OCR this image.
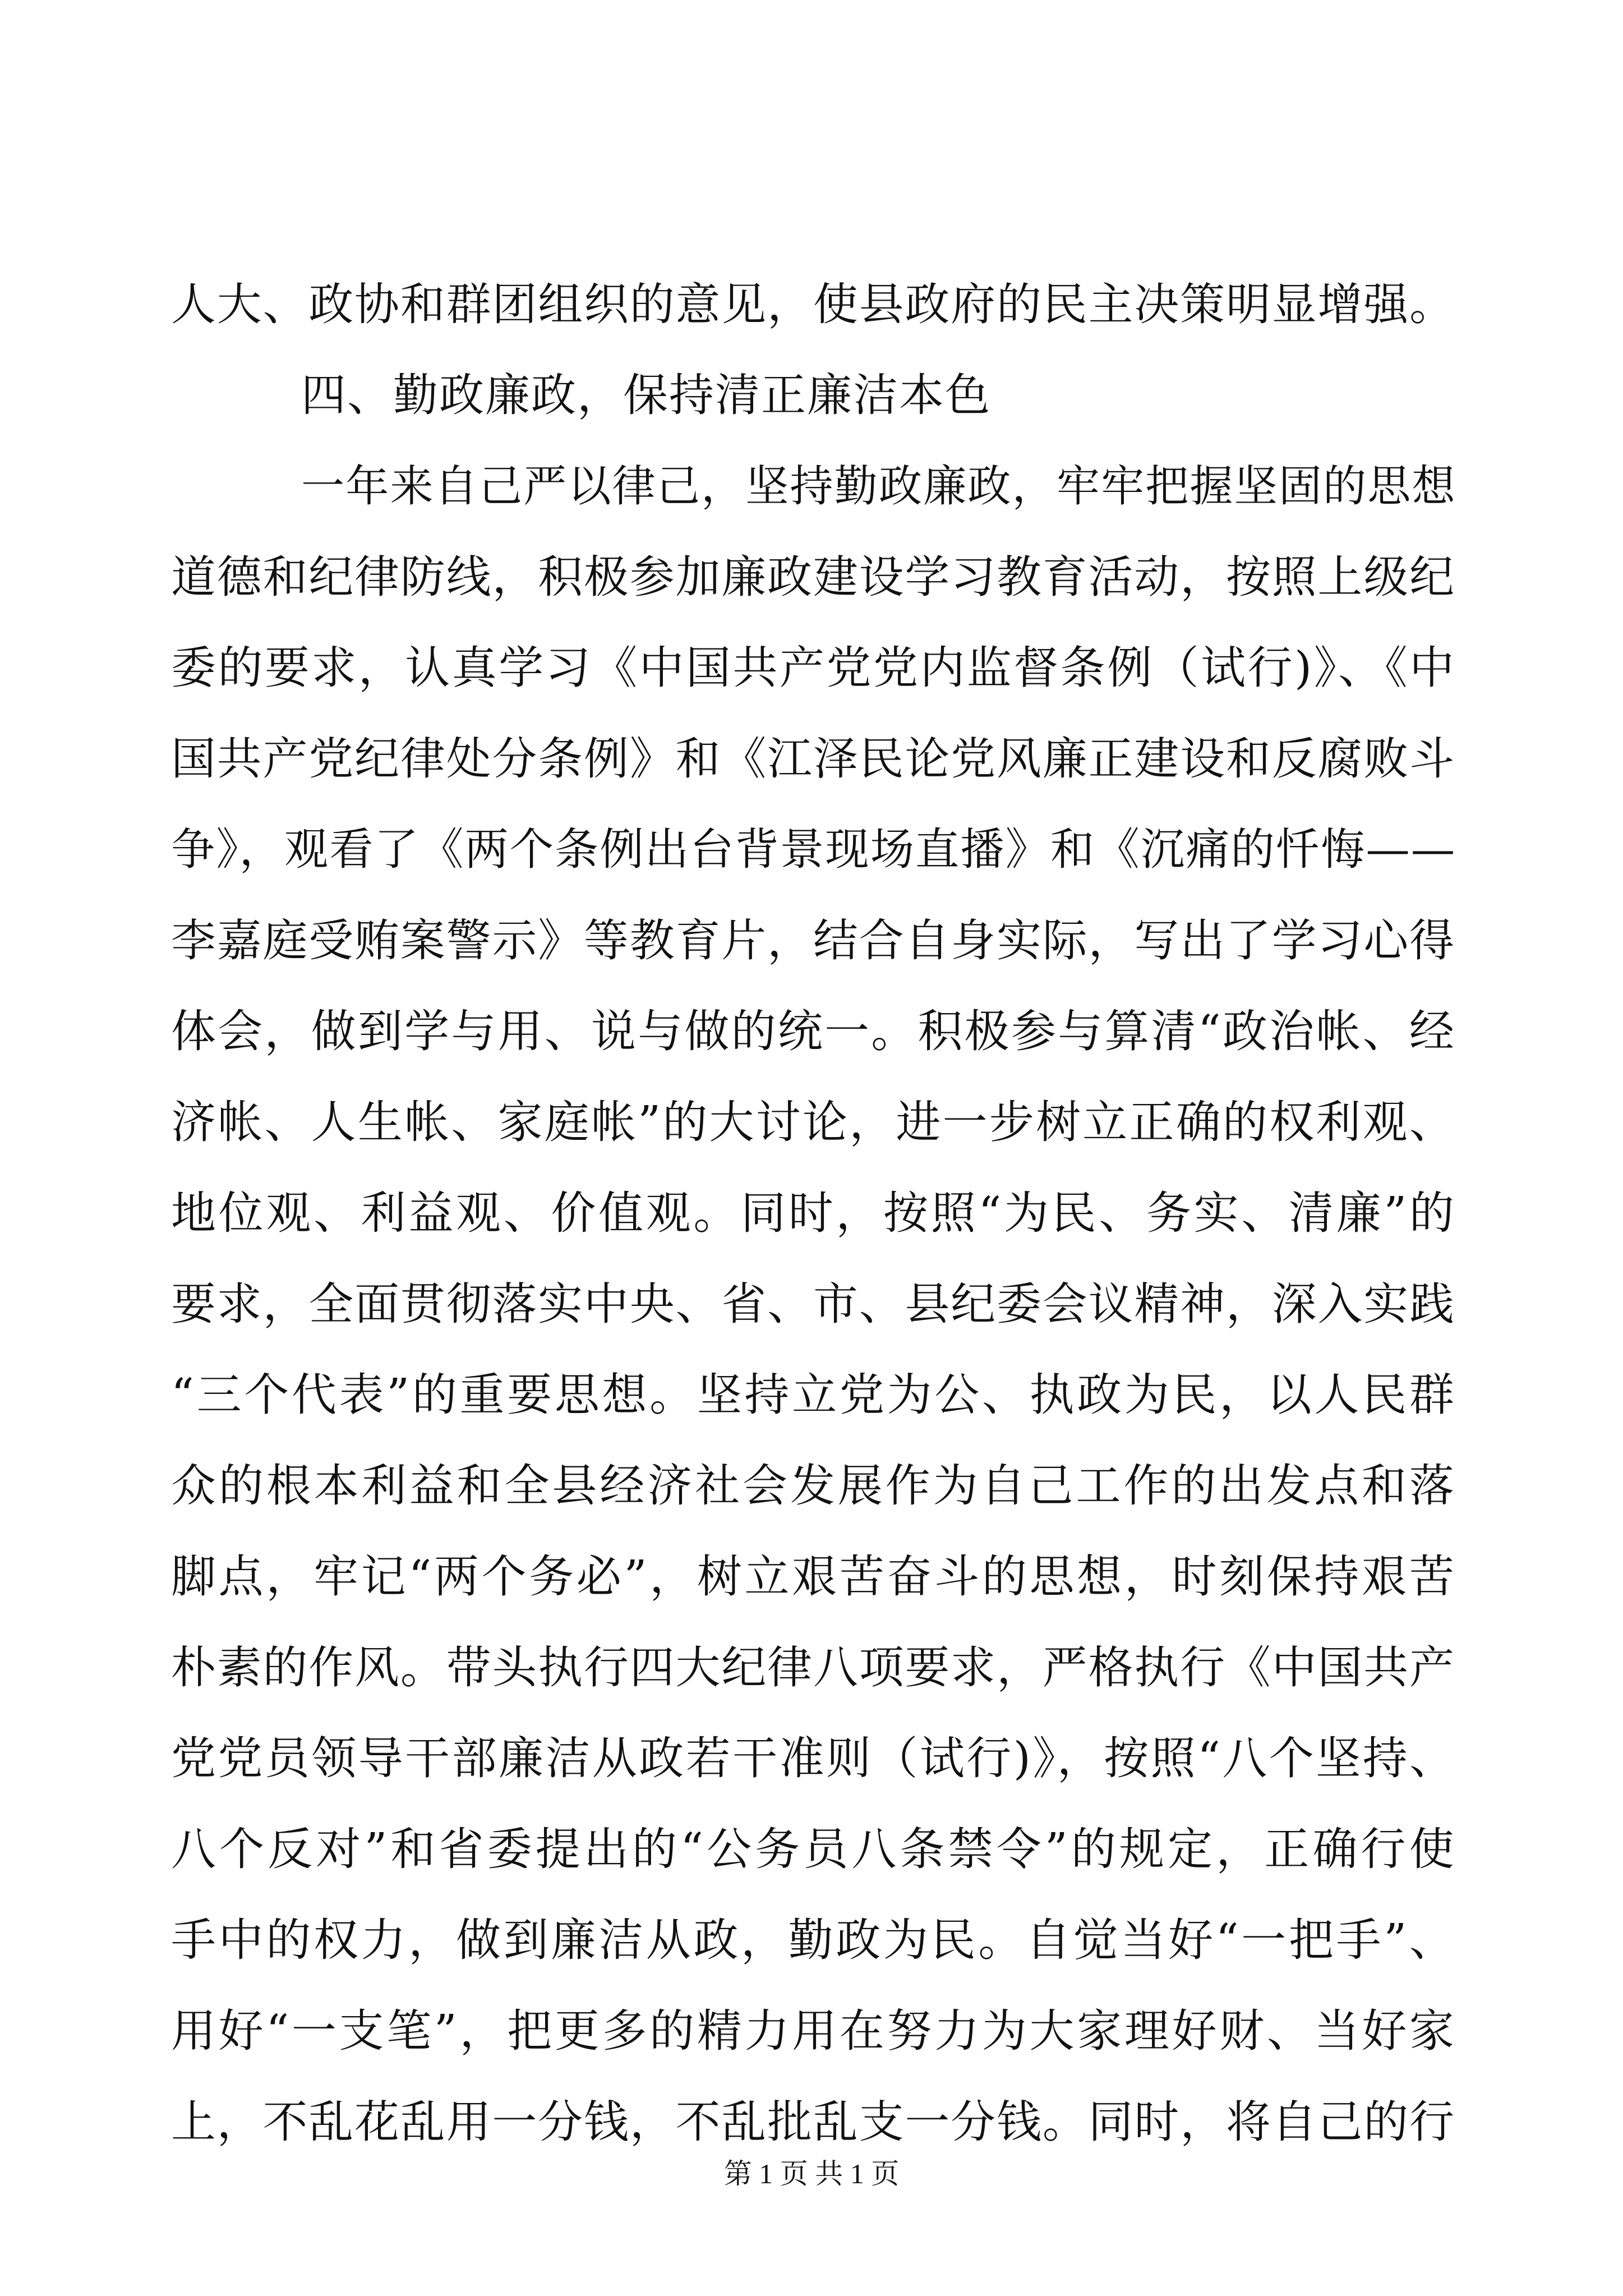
人大、政协和群团组织的意见，使县政府的民主决策明显增强。
四、勤政廉政，保持清正廉洁本色
一年来自己严以律己，坚持勤政廉政，牢牢把握坚固的思想
道德和纪律防线，积极参加廉政建设学习教育活动，按照上级纪
委的要求，认真学习《中国共产党党内监督条例（试行)》、《中
国共产党纪律处分条例》和《江泽民论党风廉正建设和反腐败斗
争》，观看了《两个条例出台背景现场直播》和《沉痛的忏悔——
李嘉庭受贿案警示》等教育片，结合自身实际，写出了学习心得
体会，做到学与用、说与做的统一。积极参与算清“政治帐、经
济帐、人生帐、家庭帐”的大讨论，进一步树立正确的权利观、
地位观、利益观、价值观。同时，按照“为民、务实、清廉”的
要求，全面贯彻落实中央、省、市、县纪委会议精神，深入实践
“三个代表”的重要思想。坚持立党为公、执政为民，以人民群
众的根本利益和全县经济社会发展作为自己工作的出发点和落
脚点，牢记“两个务必”，树立艰苦奋斗的思想，时刻保持艰苦
朴素的作风。带头执行四大纪律八项要求，严格执行《中国共产
党党员领导干部廉洁从政若干准则（试行)》，按照“八个坚持、
八个反对”和省委提出的“公务员八条禁令”的规定，正确行使
手中的权力，做到廉洁从政，勤政为民。自觉当好“一把手”、
用好“一支笔”，把更多的精力用在努力为大家理好财、当好家
上，不乱花乱用一分钱，不乱批乱支一分钱。同时，将自己的行
第 1 页 共 1 页
